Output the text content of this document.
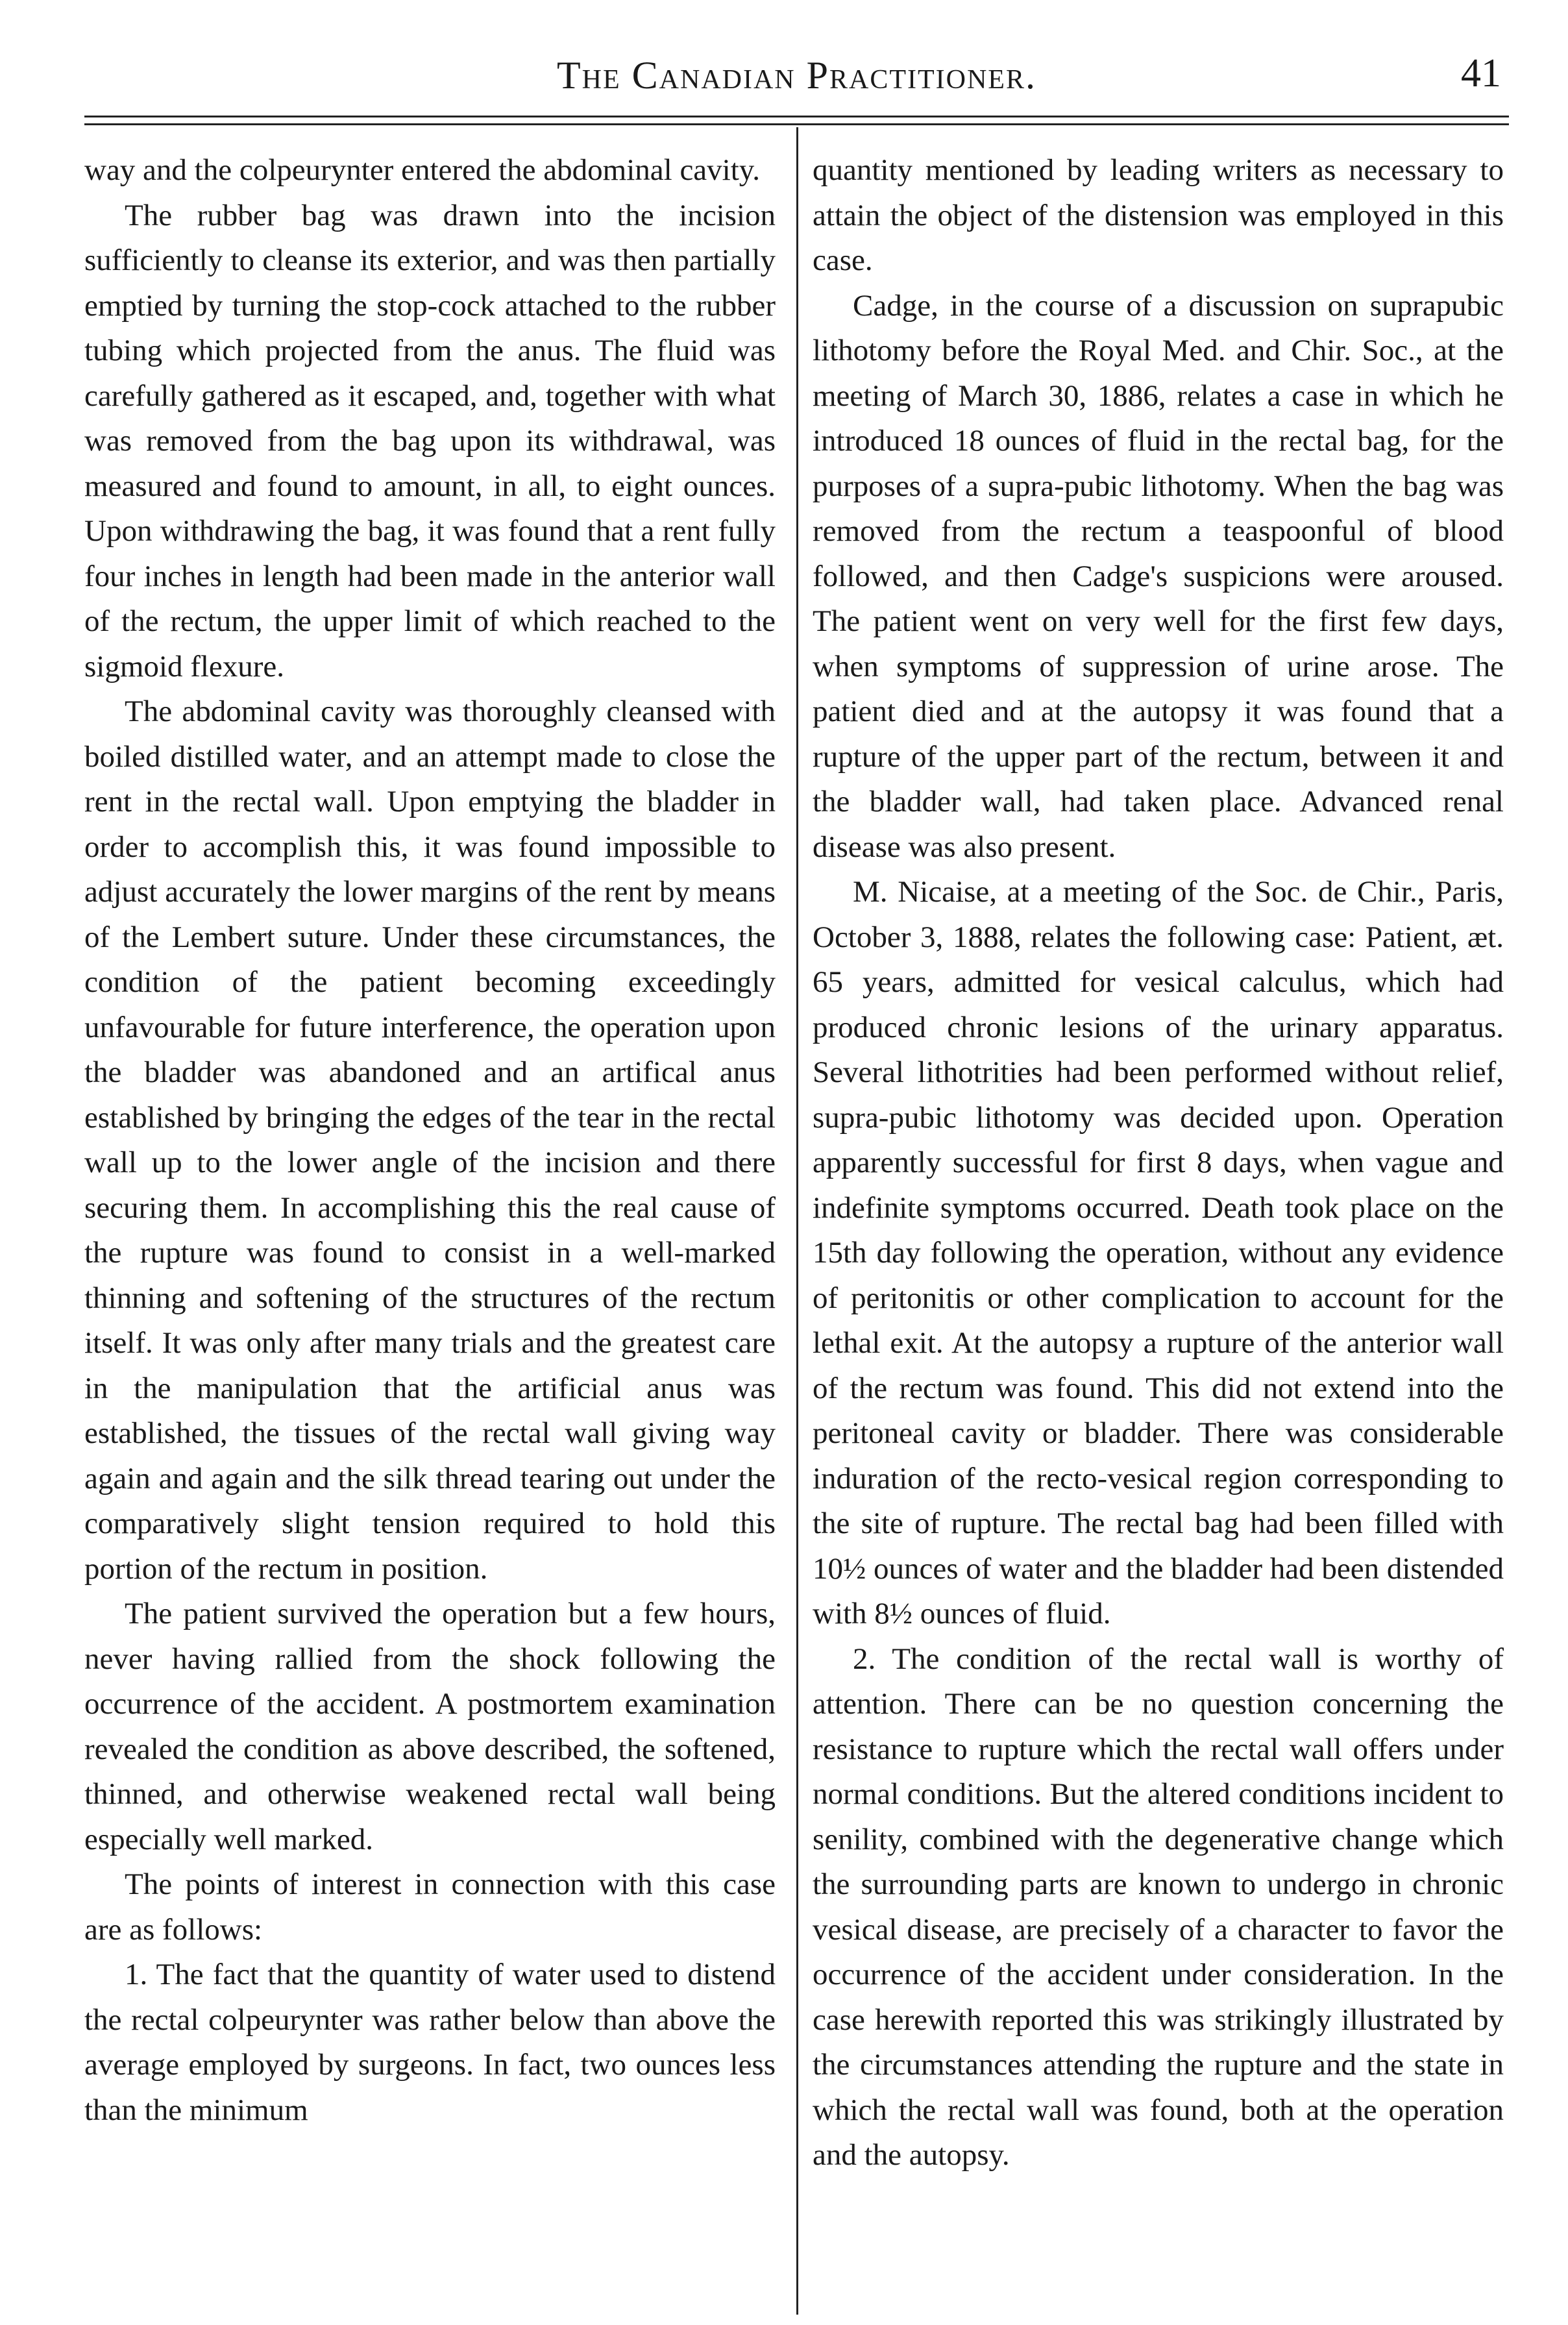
The Canadian Practitioner.	41

way and the colpeurynter entered the abdominal cavity.

The rubber bag was drawn into the incision sufficiently to cleanse its exterior, and was then partially emptied by turning the stop-cock attached to the rubber tubing which projected from the anus. The fluid was carefully gathered as it escaped, and, together with what was removed from the bag upon its withdrawal, was measured and found to amount, in all, to eight ounces. Upon withdrawing the bag, it was found that a rent fully four inches in length had been made in the anterior wall of the rectum, the upper limit of which reached to the sigmoid flexure.

The abdominal cavity was thoroughly cleansed with boiled distilled water, and an attempt made to close the rent in the rectal wall. Upon emptying the bladder in order to accomplish this, it was found impossible to adjust accurately the lower margins of the rent by means of the Lembert suture. Under these circumstances, the condition of the patient becoming exceedingly unfavourable for future interference, the operation upon the bladder was abandoned and an artifical anus established by bringing the edges of the tear in the rectal wall up to the lower angle of the incision and there securing them. In accomplishing this the real cause of the rupture was found to consist in a well-marked thinning and softening of the structures of the rectum itself. It was only after many trials and the greatest care in the manipulation that the artificial anus was established, the tissues of the rectal wall giving way again and again and the silk thread tearing out under the comparatively slight tension required to hold this portion of the rectum in position.

The patient survived the operation but a few hours, never having rallied from the shock following the occurrence of the accident. A postmortem examination revealed the condition as above described, the softened, thinned, and otherwise weakened rectal wall being especially well marked.

The points of interest in connection with this case are as follows:

1. The fact that the quantity of water used to distend the rectal colpeurynter was rather below than above the average employed by surgeons. In fact, two ounces less than the minimum

quantity mentioned by leading writers as necessary to attain the object of the distension was employed in this case.

Cadge, in the course of a discussion on suprapubic lithotomy before the Royal Med. and Chir. Soc., at the meeting of March 30, 1886, relates a case in which he introduced 18 ounces of fluid in the rectal bag, for the purposes of a supra-pubic lithotomy. When the bag was removed from the rectum a teaspoonful of blood followed, and then Cadge's suspicions were aroused. The patient went on very well for the first few days, when symptoms of suppression of urine arose. The patient died and at the autopsy it was found that a rupture of the upper part of the rectum, between it and the bladder wall, had taken place. Advanced renal disease was also present.

M. Nicaise, at a meeting of the Soc. de Chir., Paris, October 3, 1888, relates the following case: Patient, æt. 65 years, admitted for vesical calculus, which had produced chronic lesions of the urinary apparatus. Several lithotrities had been performed without relief, supra-pubic lithotomy was decided upon. Operation apparently successful for first 8 days, when vague and indefinite symptoms occurred. Death took place on the 15th day following the operation, without any evidence of peritonitis or other complication to account for the lethal exit. At the autopsy a rupture of the anterior wall of the rectum was found. This did not extend into the peritoneal cavity or bladder. There was considerable induration of the recto-vesical region corresponding to the site of rupture. The rectal bag had been filled with 10½ ounces of water and the bladder had been distended with 8½ ounces of fluid.

2. The condition of the rectal wall is worthy of attention. There can be no question concerning the resistance to rupture which the rectal wall offers under normal conditions. But the altered conditions incident to senility, combined with the degenerative change which the surrounding parts are known to undergo in chronic vesical disease, are precisely of a character to favor the occurrence of the accident under consideration. In the case herewith reported this was strikingly illustrated by the circumstances attending the rupture and the state in which the rectal wall was found, both at the operation and the autopsy.
